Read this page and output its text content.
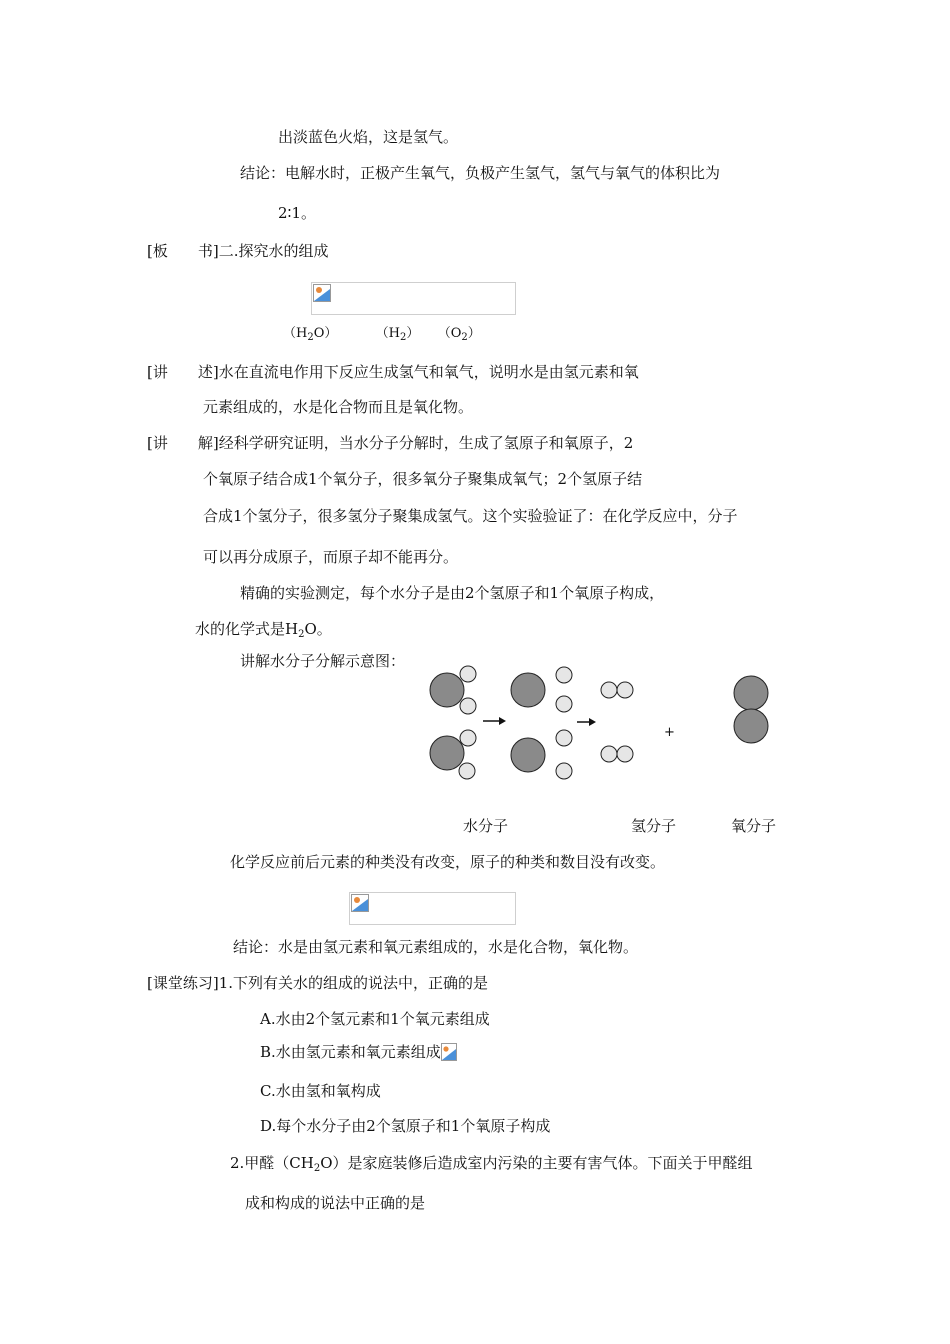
出淡蓝色火焰，这是氢气。
结论：电解水时，正极产生氧气，负极产生氢气，氢气与氧气的体积比为
2∶1。
[板　　书]二.探究水的组成
$(H_2O)$	$(H_2)$ $(O_2)$
[讲　　述]水在直流电作用下反应生成氢气和氧气，说明水是由氢元素和氧
元素组成的，水是化合物而且是氧化物。
[讲　　解]经科学研究证明，当水分子分解时，生成了氢原子和氧原子，2
个氧原子结合成1个氧分子，很多氧分子聚集成氧气；2个氢原子结
合成1个氢分子，很多氢分子聚集成氢气。这个实验验证了：在化学反应中，分子
可以再分成原子，而原子却不能再分。
精确的实验测定，每个水分子是由2个氢原子和1个氧原子构成，
水的化学式是$H_2O$。
讲解水分子分解示意图：
+
水分子	氢分子	氧分子
化学反应前后元素的种类没有改变，原子的种类和数目没有改变。
结论：水是由氢元素和氧元素组成的，水是化合物，氧化物。
[课堂练习]1.下列有关水的组成的说法中，正确的是
A.水由2个氢元素和1个氧元素组成
B.水由氢元素和氧元素组成
C.水由氢和氧构成
D.每个水分子由2个氢原子和1个氧原子构成
2.甲醛$(CH_2O)$是家庭装修后造成室内污染的主要有害气体。下面关于甲醛组
成和构成的说法中正确的是
